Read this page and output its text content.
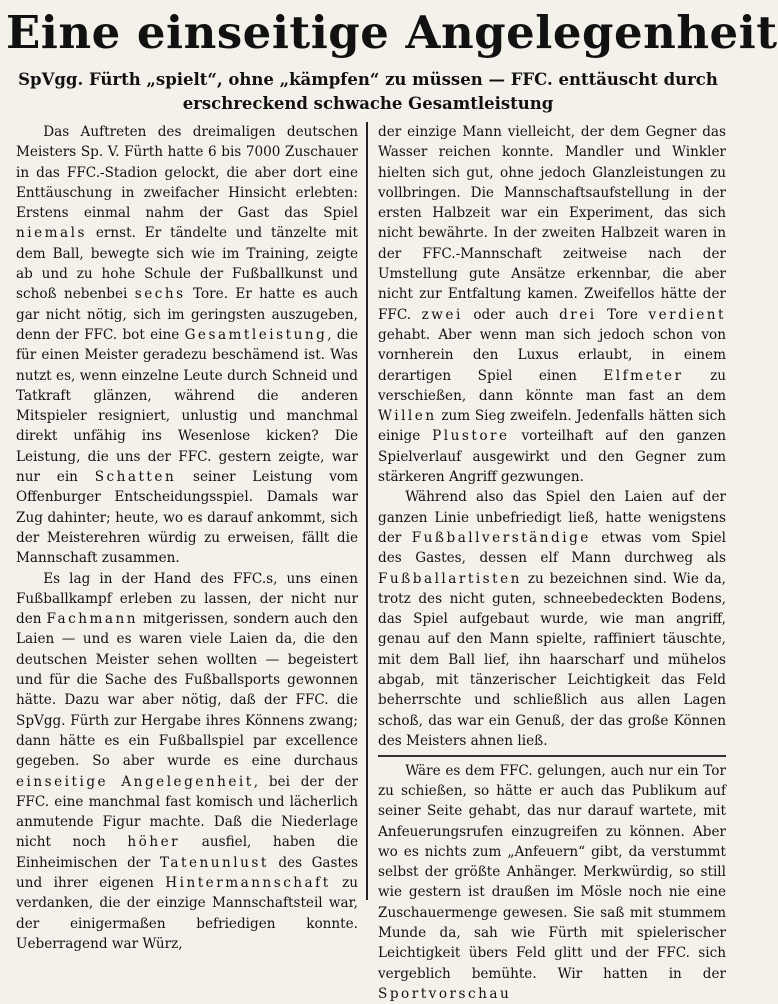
Eine einseitige Angelegenheit
SpVgg. Fürth „spielt“, ohne „kämpfen“ zu müssen — FFC. enttäuscht durch erschreckend schwache Gesamtleistung

Das Auftreten des dreimaligen deutschen Meisters Sp. V. Fürth hatte 6 bis 7000 Zuschauer in das FFC.-Stadion gelockt, die aber dort eine Enttäuschung in zweifacher Hinsicht erlebten: Erstens einmal nahm der Gast das Spiel niemals ernst. Er tändelte und tänzelte mit dem Ball, bewegte sich wie im Training, zeigte ab und zu hohe Schule der Fußballkunst und schoß nebenbei sechs Tore. Er hatte es auch gar nicht nötig, sich im geringsten auszugeben, denn der FFC. bot eine Gesamtleistung, die für einen Meister geradezu beschämend ist. Was nutzt es, wenn einzelne Leute durch Schneid und Tatkraft glänzen, während die anderen Mitspieler resigniert, unlustig und manchmal direkt unfähig ins Wesenlose kicken? Die Leistung, die uns der FFC. gestern zeigte, war nur ein Schatten seiner Leistung vom Offenburger Entscheidungsspiel. Damals war Zug dahinter; heute, wo es darauf ankommt, sich der Meisterehren würdig zu erweisen, fällt die Mannschaft zusammen.

Es lag in der Hand des FFC.s, uns einen Fußballkampf erleben zu lassen, der nicht nur den Fachmann mitgerissen, sondern auch den Laien — und es waren viele Laien da, die den deutschen Meister sehen wollten — begeistert und für die Sache des Fußballsports gewonnen hätte. Dazu war aber nötig, daß der FFC. die SpVgg. Fürth zur Hergabe ihres Könnens zwang; dann hätte es ein Fußballspiel par excellence gegeben. So aber wurde es eine durchaus einseitige Angelegenheit, bei der der FFC. eine manchmal fast komisch und lächerlich anmutende Figur machte. Daß die Niederlage nicht noch höher ausfiel, haben die Einheimischen der Tatenunlust des Gastes und ihrer eigenen Hintermannschaft zu verdanken, die der einzige Mannschaftsteil war, der einigermaßen befriedigen konnte. Ueberragend war Würz,

der einzige Mann vielleicht, der dem Gegner das Wasser reichen konnte. Mandler und Winkler hielten sich gut, ohne jedoch Glanzleistungen zu vollbringen. Die Mannschaftsaufstellung in der ersten Halbzeit war ein Experiment, das sich nicht bewährte. In der zweiten Halbzeit waren in der FFC.-Mannschaft zeitweise nach der Umstellung gute Ansätze erkennbar, die aber nicht zur Entfaltung kamen. Zweifellos hätte der FFC. zwei oder auch drei Tore verdient gehabt. Aber wenn man sich jedoch schon von vornherein den Luxus erlaubt, in einem derartigen Spiel einen Elfmeter zu verschießen, dann könnte man fast an dem Willen zum Sieg zweifeln. Jedenfalls hätten sich einige Plustore vorteilhaft auf den ganzen Spielverlauf ausgewirkt und den Gegner zum stärkeren Angriff gezwungen.

Während also das Spiel den Laien auf der ganzen Linie unbefriedigt ließ, hatte wenigstens der Fußballverständige etwas vom Spiel des Gastes, dessen elf Mann durchweg als Fußballartisten zu bezeichnen sind. Wie da, trotz des nicht guten, schneebedeckten Bodens, das Spiel aufgebaut wurde, wie man angriff, genau auf den Mann spielte, raffiniert täuschte, mit dem Ball lief, ihn haarscharf und mühelos abgab, mit tänzerischer Leichtigkeit das Feld beherrschte und schließlich aus allen Lagen schoß, das war ein Genuß, der das große Können des Meisters ahnen ließ.

Wäre es dem FFC. gelungen, auch nur ein Tor zu schießen, so hätte er auch das Publikum auf seiner Seite gehabt, das nur darauf wartete, mit Anfeuerungsrufen einzugreifen zu können. Aber wo es nichts zum „Anfeuern“ gibt, da verstummt selbst der größte Anhänger. Merkwürdig, so still wie gestern ist draußen im Mösle noch nie eine Zuschauermenge gewesen. Sie saß mit stummem Munde da, sah wie Fürth mit spielerischer Leichtigkeit übers Feld glitt und der FFC. sich vergeblich bemühte. Wir hatten in der Sportvorschau
